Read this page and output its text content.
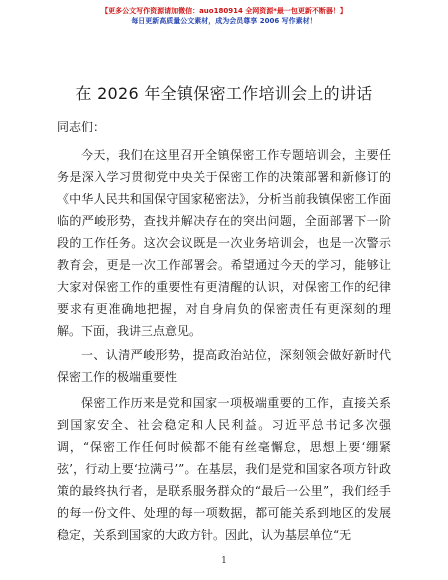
【更多公文写作资源请加微信：auo180914 全网资源*最一包更新不断器！】
每日更新高质量公文素材，成为会员尊享 2006 写作素材！
在 2026 年全镇保密工作培训会上的讲话

同志们：

今天，我们在这里召开全镇保密工作专题培训会，主要任务是深入学习贯彻党中央关于保密工作的决策部署和新修订的《中华人民共和国保守国家秘密法》，分析当前我镇保密工作面临的严峻形势，查找并解决存在的突出问题，全面部署下一阶段的工作任务。这次会议既是一次业务培训会，也是一次警示教育会，更是一次工作部署会。希望通过今天的学习，能够让大家对保密工作的重要性有更清醒的认识，对保密工作的纪律要求有更准确地把握，对自身肩负的保密责任有更深刻的理解。下面，我讲三点意见。

一、认清严峻形势，提高政治站位，深刻领会做好新时代保密工作的极端重要性

保密工作历来是党和国家一项极端重要的工作，直接关系到国家安全、社会稳定和人民利益。习近平总书记多次强调，“保密工作任何时候都不能有丝毫懈怠，思想上要‘绷紧弦’，行动上要‘拉满弓’”。在基层，我们是党和国家各项方针政策的最终执行者，是联系服务群众的“最后一公里”，我们经手的每一份文件、处理的每一项数据，都可能关系到地区的发展稳定，关系到国家的大政方针。因此，认为基层单位“无

1
